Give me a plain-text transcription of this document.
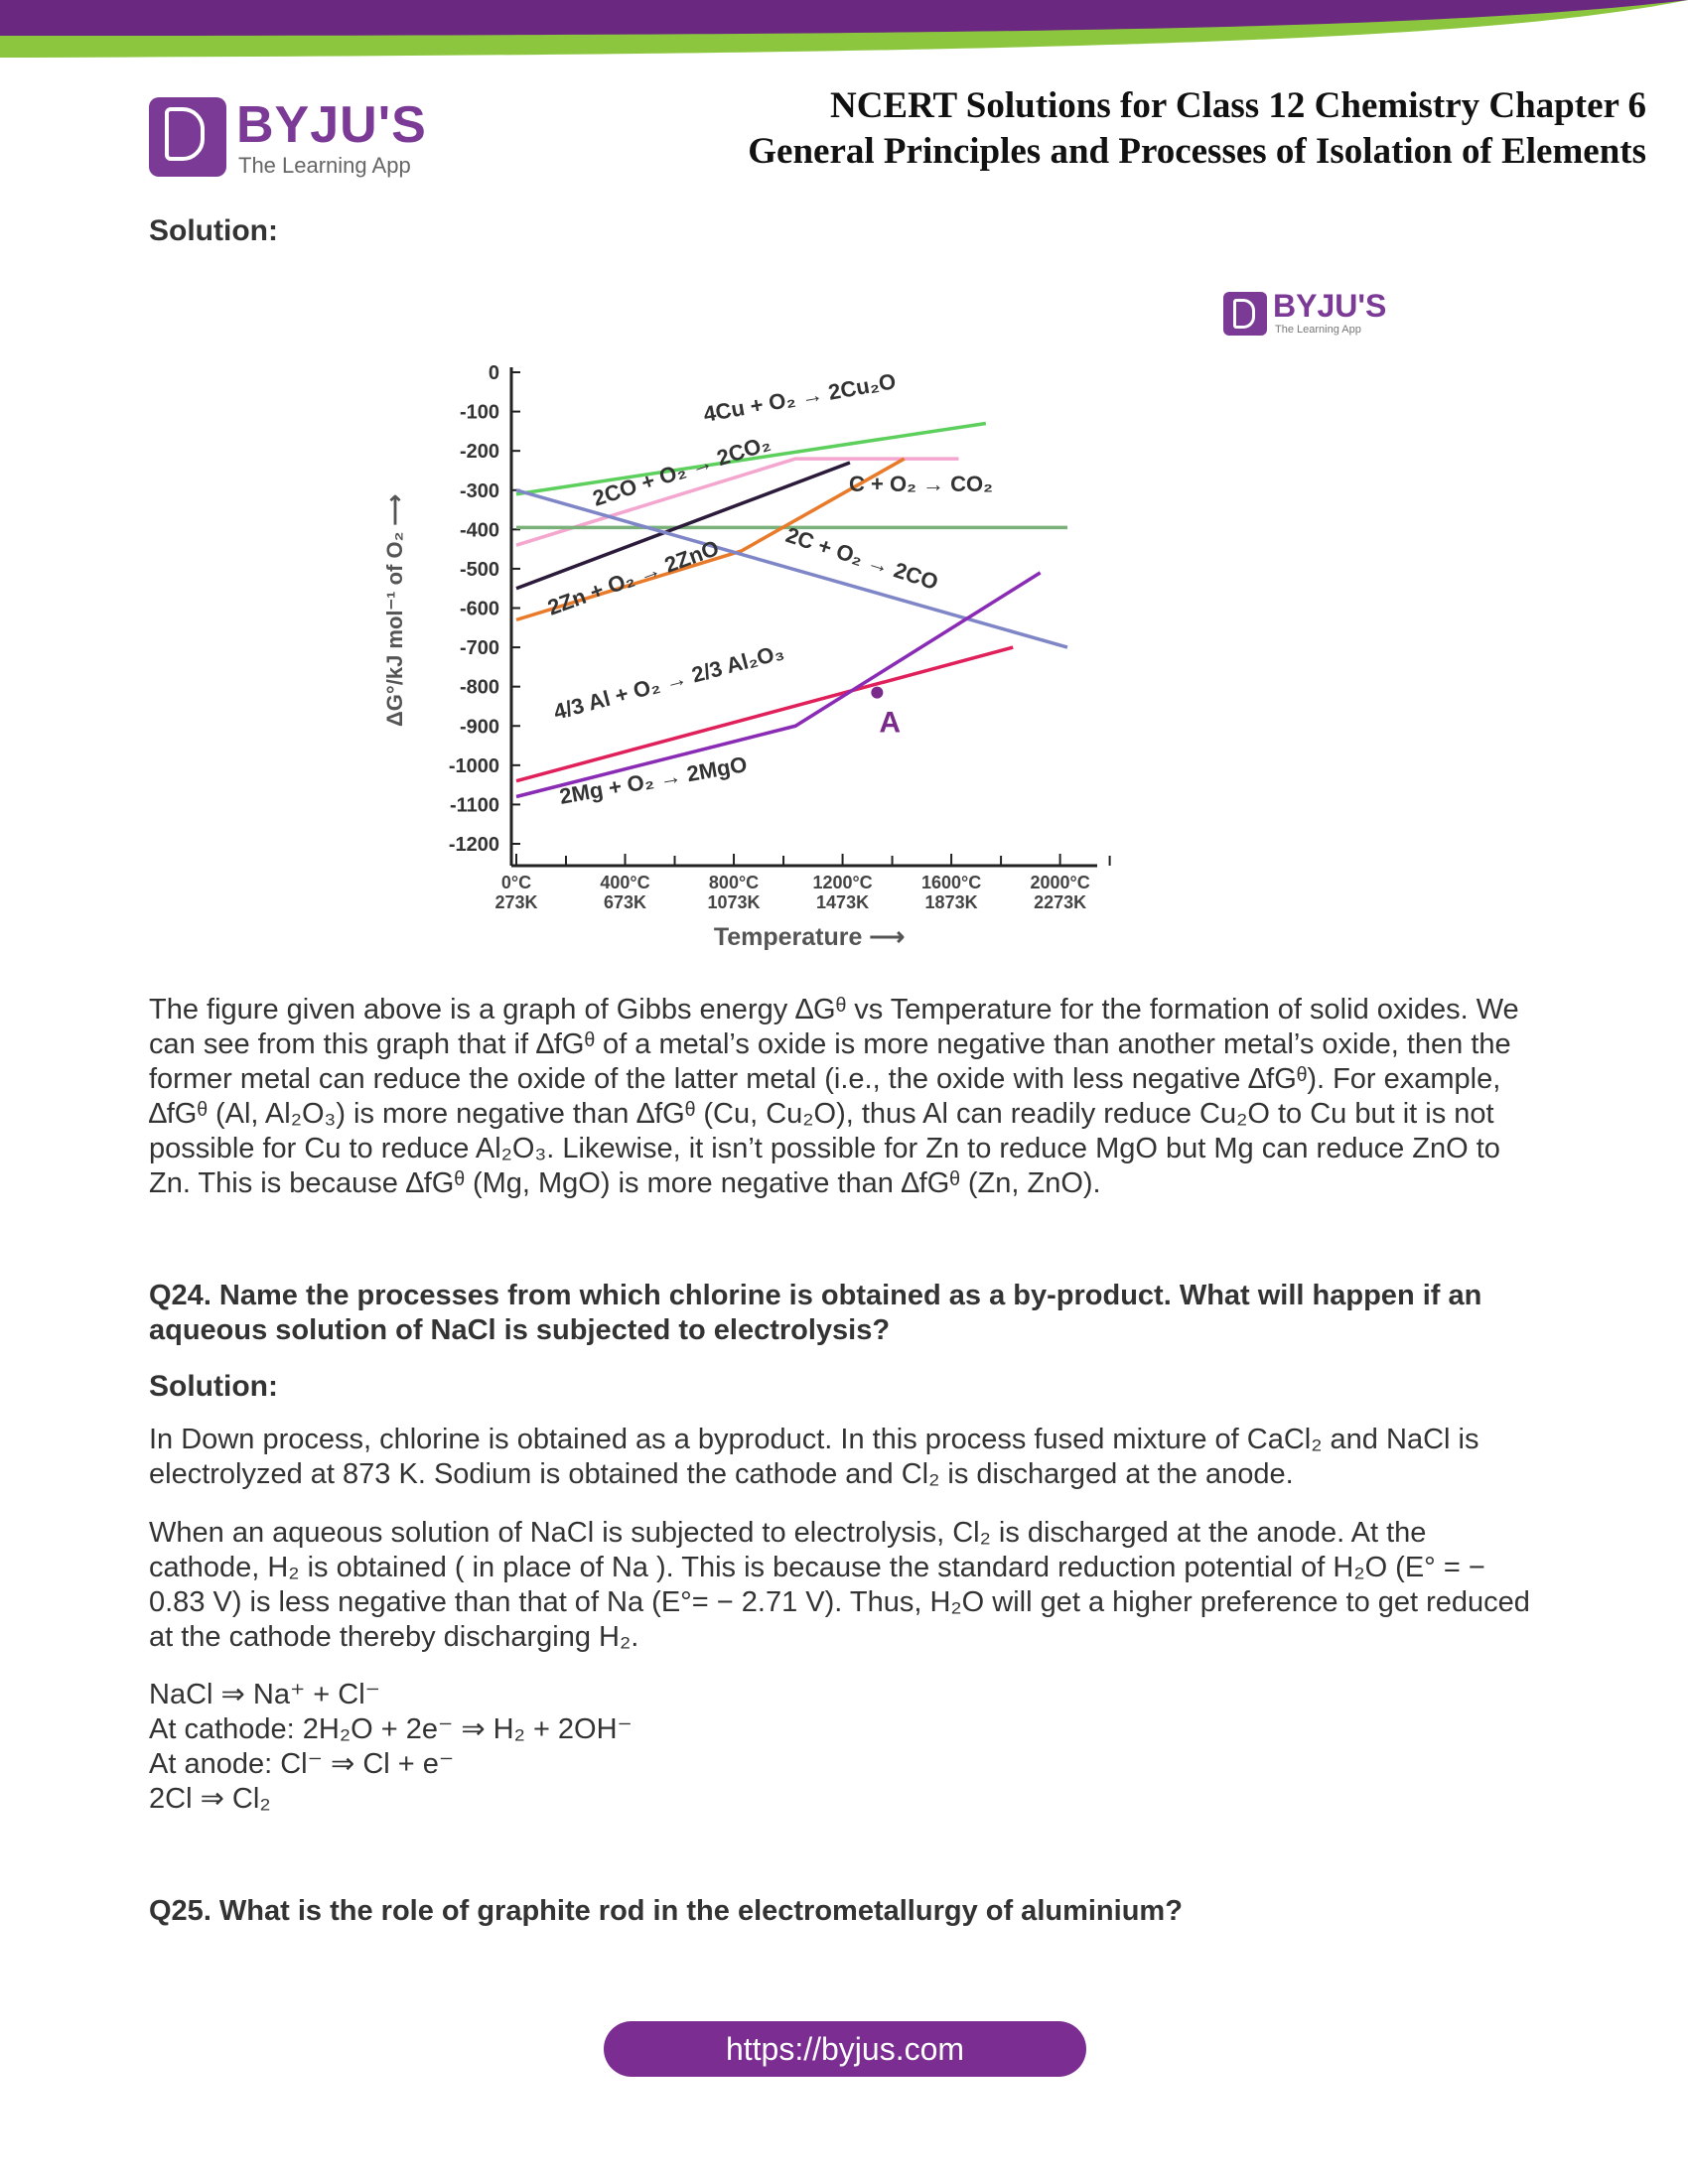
BYJU'S
The Learning App
NCERT Solutions for Class 12 Chemistry Chapter 6
General Principles and Processes of Isolation of Elements
Solution:
BYJU'S
The Learning App
0
-100
-200
-300
-400
-500
-600
-700
-800
-900
-1000
-1100
-1200
0°C
273K
400°C
673K
800°C
1073K
1200°C
1473K
1600°C
1873K
2000°C
2273K
A
4Cu + O₂ → 2Cu₂O
2CO + O₂ → 2CO₂	C + O₂ → CO₂
2C + O₂ → 2CO
2Zn + O₂ → 2ZnO
4/3 Al + O₂ → 2/3 Al₂O₃
2Mg + O₂ → 2MgO
ΔG°/kJ mol⁻¹ of O₂ ⟶
Temperature ⟶

The figure given above is a graph of Gibbs energy ∆Gᶿ vs Temperature for the formation of solid oxides. We can see from this graph that if ∆fGᶿ of a metal’s oxide is more negative than another metal’s oxide, then the former metal can reduce the oxide of the latter metal (i.e., the oxide with less negative ∆fGᶿ). For example, ∆fGᶿ (Al, Al₂O₃) is more negative than ∆fGᶿ (Cu, Cu₂O), thus Al can readily reduce Cu₂O to Cu but it is not possible for Cu to reduce Al₂O₃. Likewise, it isn’t possible for Zn to reduce MgO but Mg can reduce ZnO to Zn. This is because ∆fGᶿ (Mg, MgO) is more negative than ∆fGᶿ (Zn, ZnO).

Q24. Name the processes from which chlorine is obtained as a by-product. What will happen if an aqueous solution of NaCl is subjected to electrolysis?
Solution:

In Down process, chlorine is obtained as a byproduct. In this process fused mixture of CaCl₂ and NaCl is electrolyzed at 873 K. Sodium is obtained the cathode and Cl₂ is discharged at the anode.

When an aqueous solution of NaCl is subjected to electrolysis, Cl₂ is discharged at the anode. At the cathode, H₂ is obtained ( in place of Na ). This is because the standard reduction potential of H₂O (E° = − 0.83 V) is less negative than that of Na (E°= − 2.71 V). Thus, H₂O will get a higher preference to get reduced at the cathode thereby discharging H₂.

NaCl ⇒ Na⁺ + Cl⁻
At cathode: 2H₂O + 2e⁻ ⇒ H₂ + 2OH⁻
At anode: Cl⁻ ⇒ Cl + e⁻
2Cl ⇒ Cl₂
Q25. What is the role of graphite rod in the electrometallurgy of aluminium?
https://byjus.com
